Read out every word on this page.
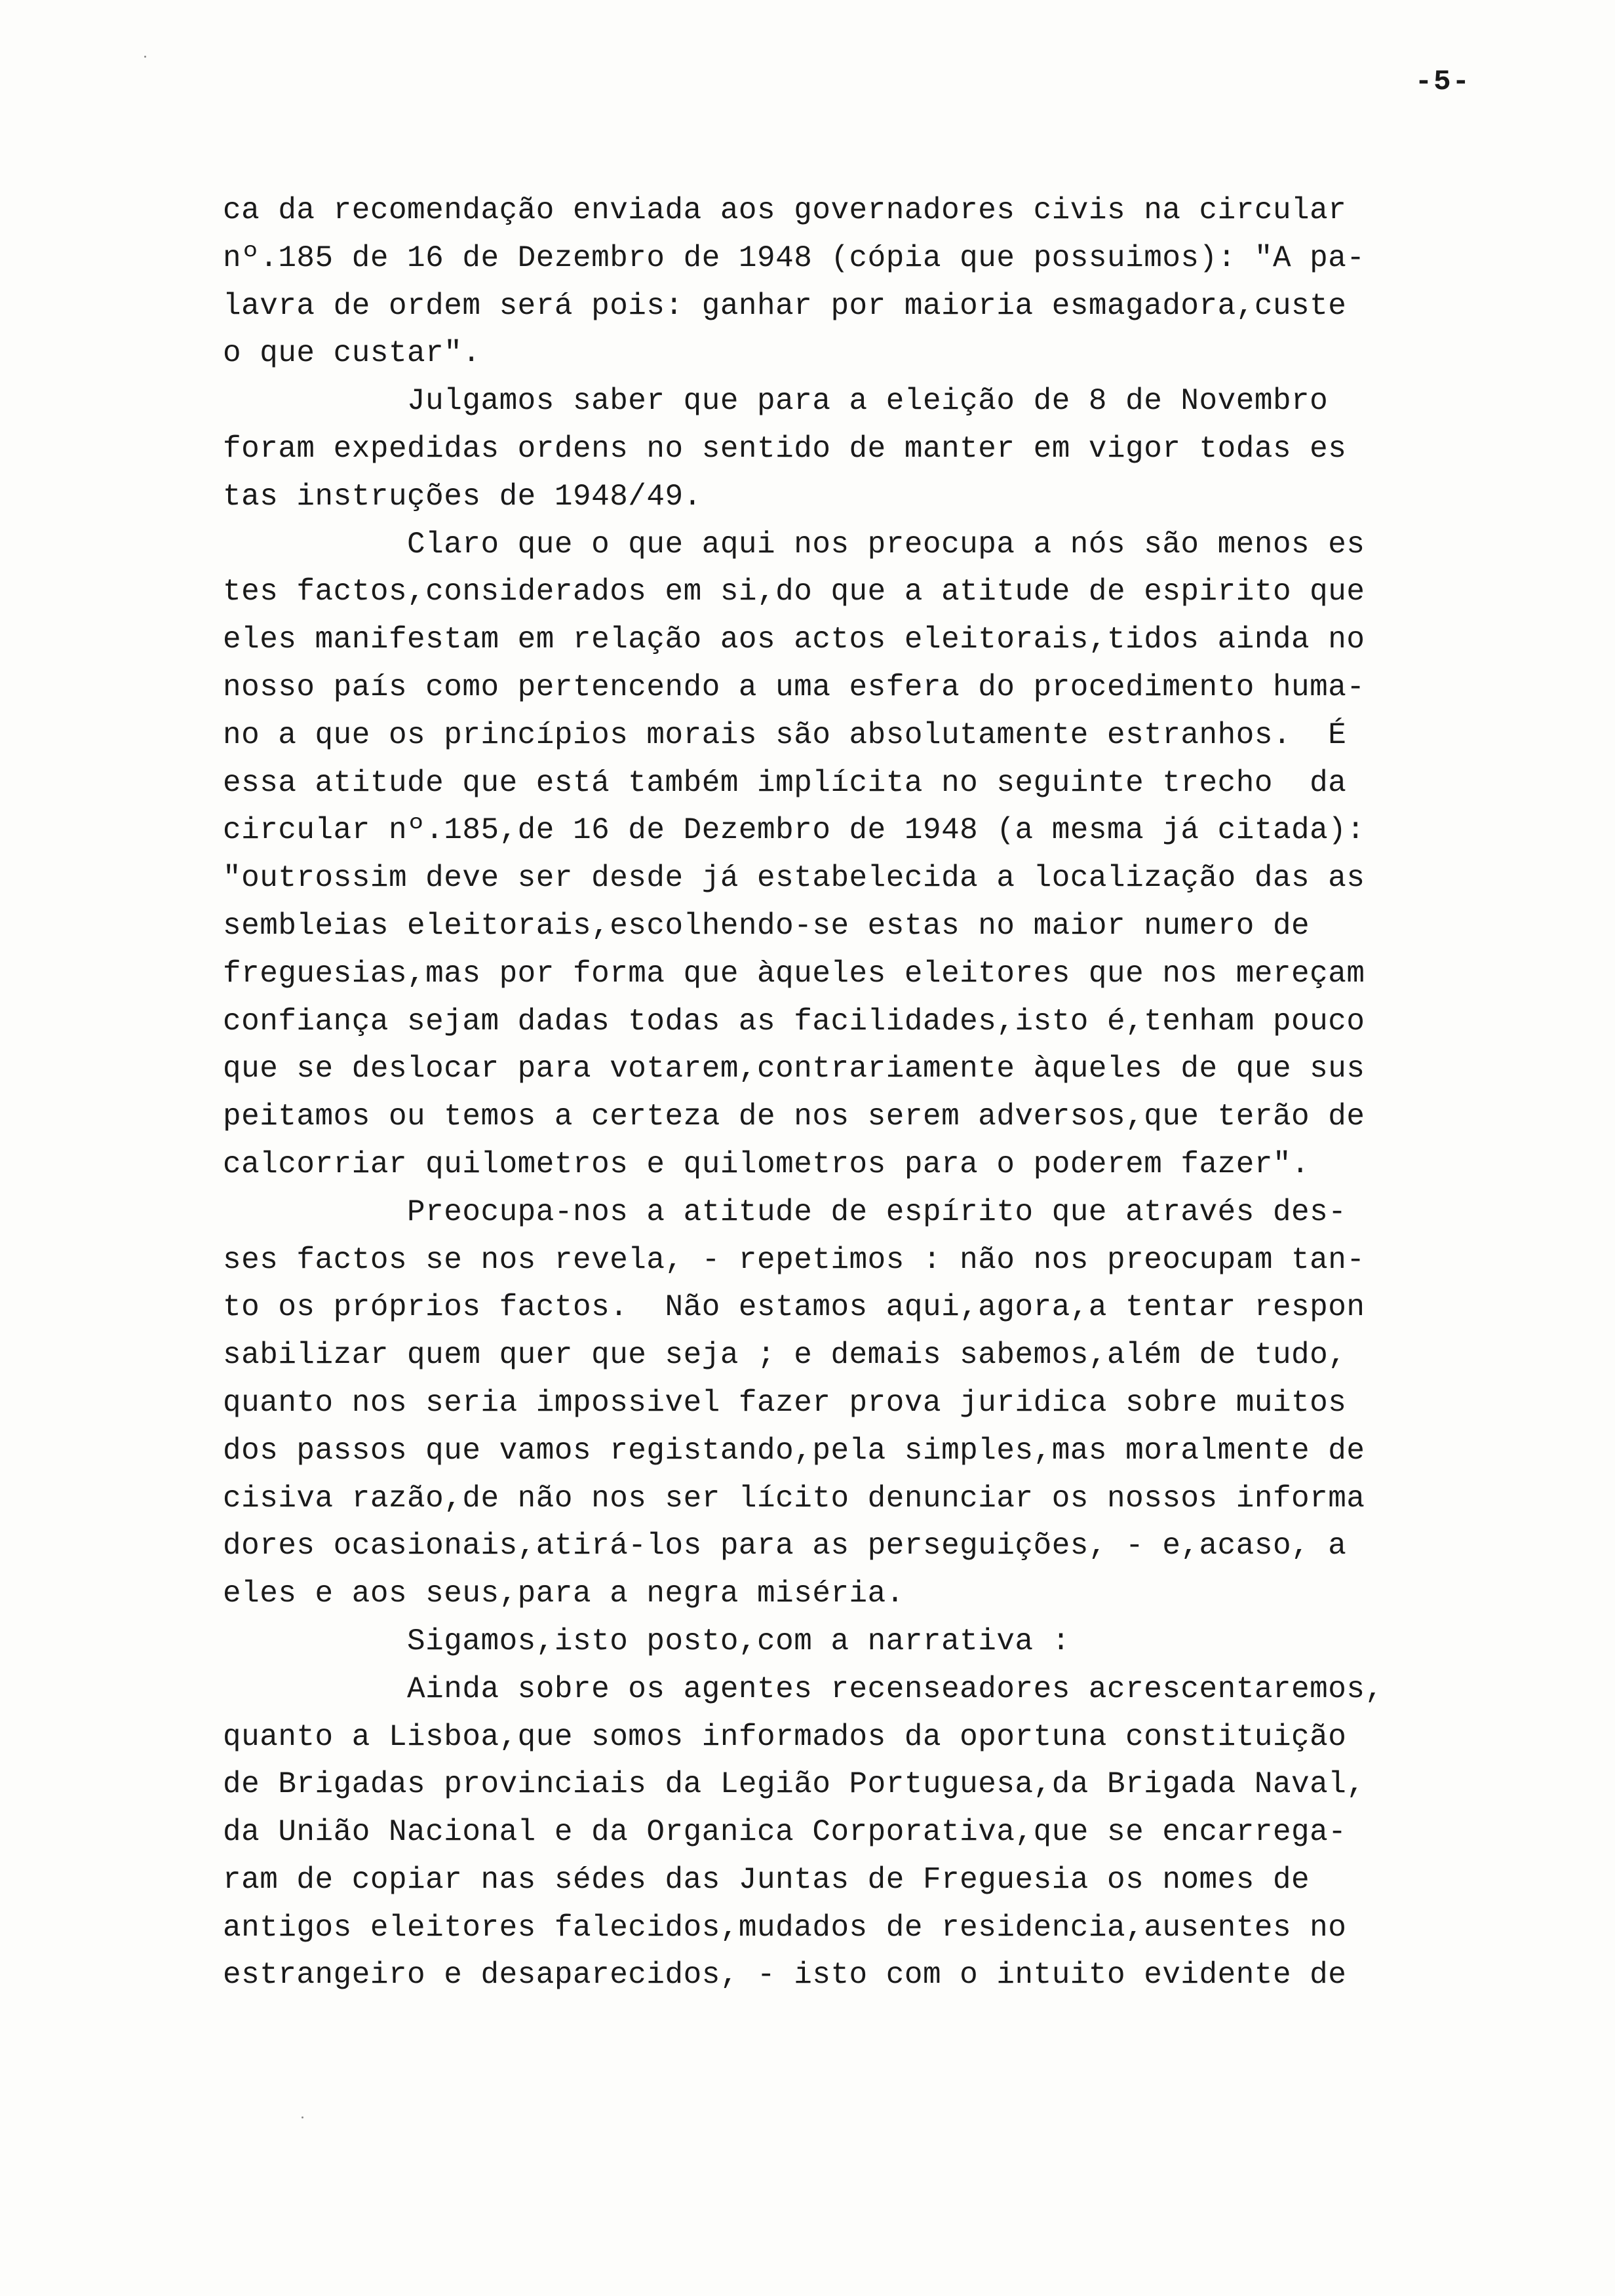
-5-
ca da recomendação enviada aos governadores civis na circular
nº.185 de 16 de Dezembro de 1948 (cópia que possuimos): "A pa-
lavra de ordem será pois: ganhar por maioria esmagadora,custe
o que custar".
Julgamos saber que para a eleição de 8 de Novembro
foram expedidas ordens no sentido de manter em vigor todas es
tas instruções de 1948/49.
Claro que o que aqui nos preocupa a nós são menos es
tes factos,considerados em si,do que a atitude de espirito que
eles manifestam em relação aos actos eleitorais,tidos ainda no
nosso país como pertencendo a uma esfera do procedimento huma-
no a que os princípios morais são absolutamente estranhos.  É
essa atitude que está também implícita no seguinte trecho  da
circular nº.185,de 16 de Dezembro de 1948 (a mesma já citada):
"outrossim deve ser desde já estabelecida a localização das as
sembleias eleitorais,escolhendo-se estas no maior numero de
freguesias,mas por forma que àqueles eleitores que nos mereçam
confiança sejam dadas todas as facilidades,isto é,tenham pouco
que se deslocar para votarem,contrariamente àqueles de que sus
peitamos ou temos a certeza de nos serem adversos,que terão de
calcorriar quilometros e quilometros para o poderem fazer".
Preocupa-nos a atitude de espírito que através des-
ses factos se nos revela, - repetimos : não nos preocupam tan-
to os próprios factos.  Não estamos aqui,agora,a tentar respon
sabilizar quem quer que seja ; e demais sabemos,além de tudo,
quanto nos seria impossivel fazer prova juridica sobre muitos
dos passos que vamos registando,pela simples,mas moralmente de
cisiva razão,de não nos ser lícito denunciar os nossos informa
dores ocasionais,atirá-los para as perseguições, - e,acaso, a
eles e aos seus,para a negra miséria.
Sigamos,isto posto,com a narrativa :
Ainda sobre os agentes recenseadores acrescentaremos,
quanto a Lisboa,que somos informados da oportuna constituição
de Brigadas provinciais da Legião Portuguesa,da Brigada Naval,
da União Nacional e da Organica Corporativa,que se encarrega-
ram de copiar nas sédes das Juntas de Freguesia os nomes de
antigos eleitores falecidos,mudados de residencia,ausentes no
estrangeiro e desaparecidos, - isto com o intuito evidente de
